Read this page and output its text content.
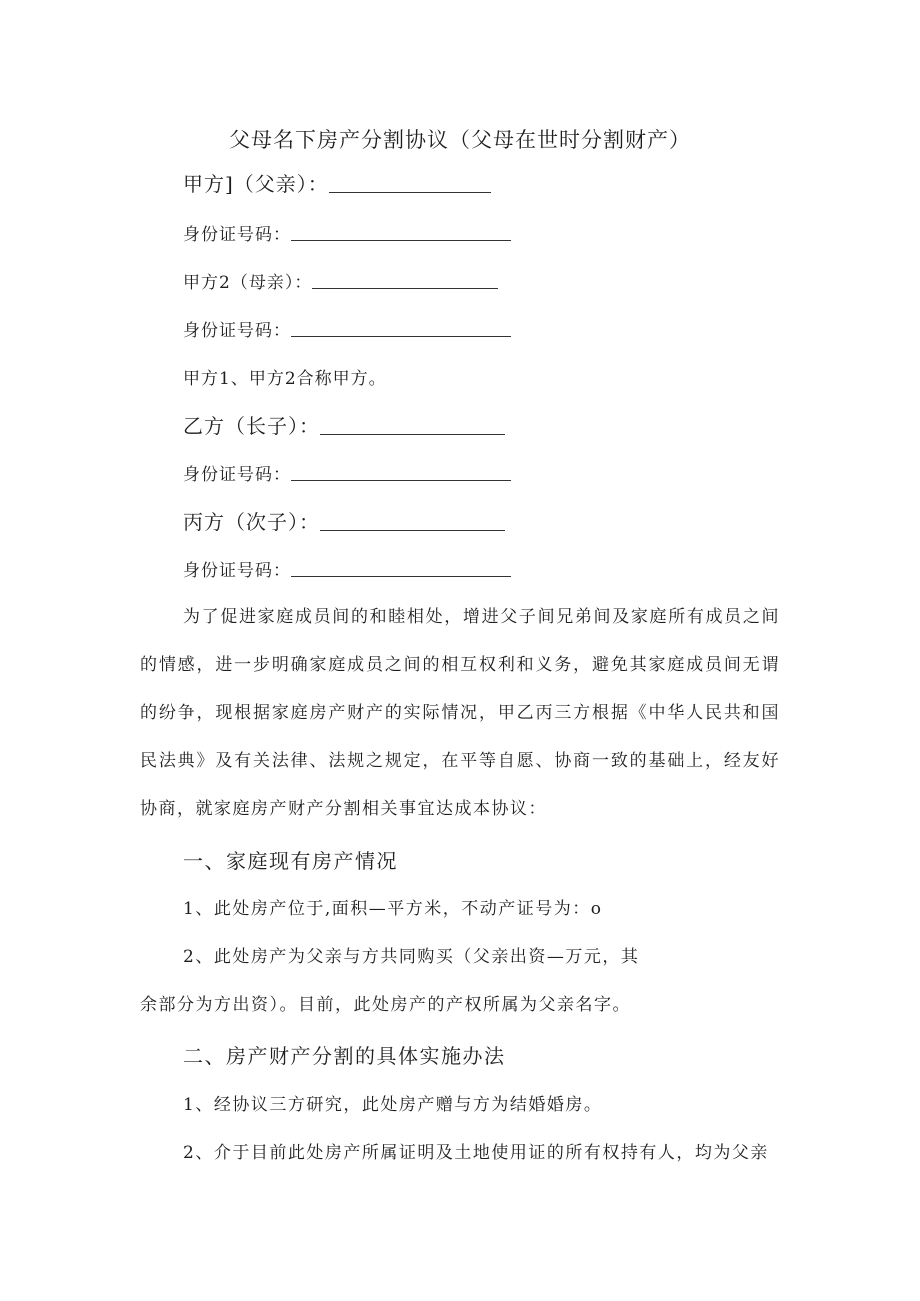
父母名下房产分割协议（父母在世时分割财产）
甲方]（父亲）：
身份证号码：
甲方2（母亲）：
身份证号码：
甲方1、甲方2合称甲方。
乙方（长子）：
身份证号码：
丙方（次子）：
身份证号码：

为了促进家庭成员间的和睦相处，增进父子间兄弟间及家庭所有成员之间的情感，进一步明确家庭成员之间的相互权利和义务，避免其家庭成员间无谓的纷争，现根据家庭房产财产的实际情况，甲乙丙三方根据《中华人民共和国民法典》及有关法律、法规之规定，在平等自愿、协商一致的基础上，经友好协商，就家庭房产财产分割相关事宜达成本协议：

一、家庭现有房产情况
1、此处房产位于,面积—平方米，不动产证号为：o
2、此处房产为父亲与方共同购买（父亲出资—万元，其
余部分为方出资）。目前，此处房产的产权所属为父亲名字。
二、房产财产分割的具体实施办法
1、经协议三方研究，此处房产赠与方为结婚婚房。
2、介于目前此处房产所属证明及土地使用证的所有权持有人，均为父亲
